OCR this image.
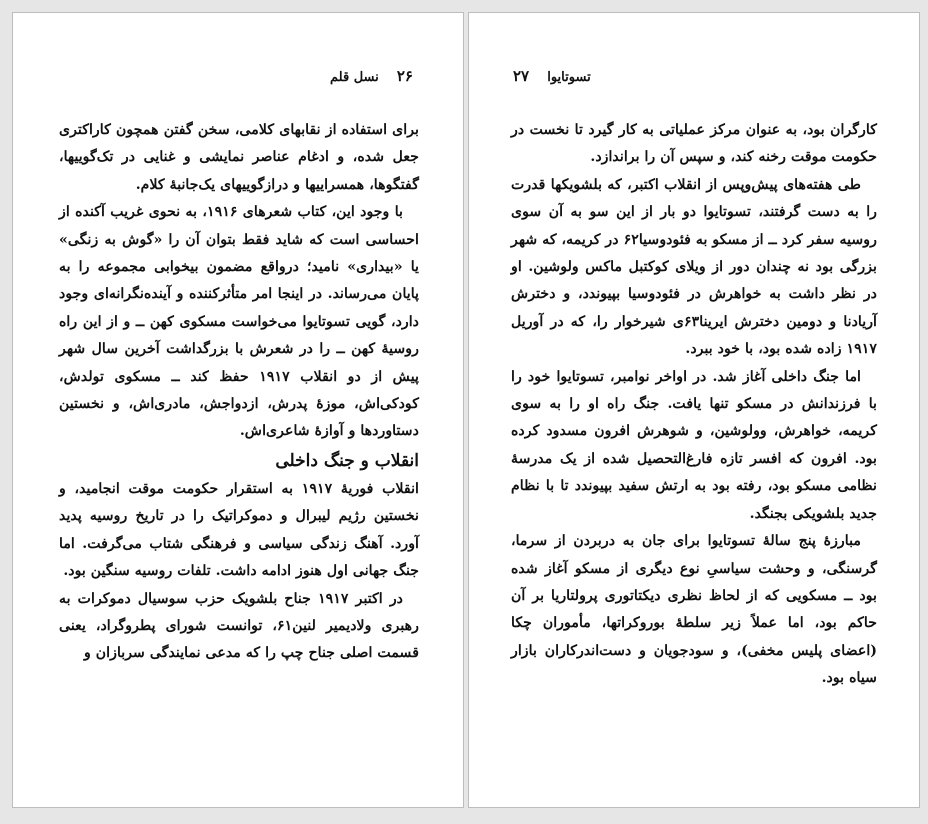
۲۶    نسل قلم

برای استفاده از نقابهای کلامی، سخن گفتن همچون کاراکتری جعل شده، و ادغام عناصر نمایشی و غنایی در تک‌گوییها، گفتگوها، همسراییها و درازگوییهای یک‌جانبهٔ کلام.

با وجود این، کتاب شعرهای ۱۹۱۶، به نحوی غریب آکنده از احساسی است که شاید فقط بتوان آن را «گوش به زنگی» یا «بیداری» نامید؛ درواقع مضمون بیخوابی مجموعه را به پایان می‌رساند. در اینجا امر متأثرکننده و آینده‌نگرانه‌ای وجود دارد، گویی تسوتایوا می‌خواست مسکوی کهن ــ و از این راه روسیهٔ کهن ــ را در شعرش با بزرگداشت آخرین سال شهر پیش از دو انقلاب ۱۹۱۷ حفظ کند ــ مسکوی تولدش، کودکی‌اش، موزهٔ پدرش، ازدواجش، مادری‌اش، و نخستین دستاوردها و آوازهٔ شاعری‌اش.

انقلاب و جنگ داخلی

انقلاب فوریهٔ ۱۹۱۷ به استقرار حکومت موقت انجامید، و نخستین رژیم لیبرال و دموکراتیک را در تاریخ روسیه پدید آورد. آهنگ زندگی سیاسی و فرهنگی شتاب می‌گرفت. اما جنگ جهانی اول هنوز ادامه داشت. تلفات روسیه سنگین بود.

در اکتبر ۱۹۱۷ جناح بلشویک حزب سوسیال دموکرات به رهبری ولادیمیر لنین۶۱، توانست شورای پطروگراد، یعنی قسمت اصلی جناح چپ را که مدعی نمایندگی سربازان و

تسوتایوا    ۲۷

کارگران بود، به عنوان مرکز عملیاتی به کار گیرد تا نخست در حکومت موقت رخنه کند، و سپس آن را براندازد.

طی هفته‌های پیش‌وپس از انقلاب اکتبر، که بلشویکها قدرت را به دست گرفتند، تسوتایوا دو بار از این سو به آن سوی روسیه سفر کرد ــ از مسکو به فئودوسیا۶۲ در کریمه، که شهر بزرگی بود نه چندان دور از ویلای کوکتبل ماکس ولوشین. او در نظر داشت به خواهرش در فئودوسیا بپیوندد، و دخترش آریادنا و دومین دخترش ایرینا۶۳ی شیرخوار را، که در آوریل ۱۹۱۷ زاده شده بود، با خود ببرد.

اما جنگ داخلی آغاز شد. در اواخر نوامبر، تسوتایوا خود را با فرزندانش در مسکو تنها یافت. جنگ راه او را به سوی کریمه، خواهرش، وولوشین، و شوهرش افرون مسدود کرده بود. افرون که افسر تازه فارغ‌التحصیل شده از یک مدرسهٔ نظامی مسکو بود، رفته بود به ارتش سفید بپیوندد تا با نظام جدید بلشویکی بجنگد.

مبارزهٔ پنج سالهٔ تسوتایوا برای جان به دربردن از سرما، گرسنگی، و وحشت سیاسیِ نوع دیگری از مسکو آغاز شده بود ــ مسکویی که از لحاظ نظری دیکتاتوری پرولتاریا بر آن حاکم بود، اما عملاً زیر سلطهٔ بوروکراتها، مأموران چکا (اعضای پلیس مخفی)، و سودجویان و دست‌اندرکاران بازار سیاه بود.
